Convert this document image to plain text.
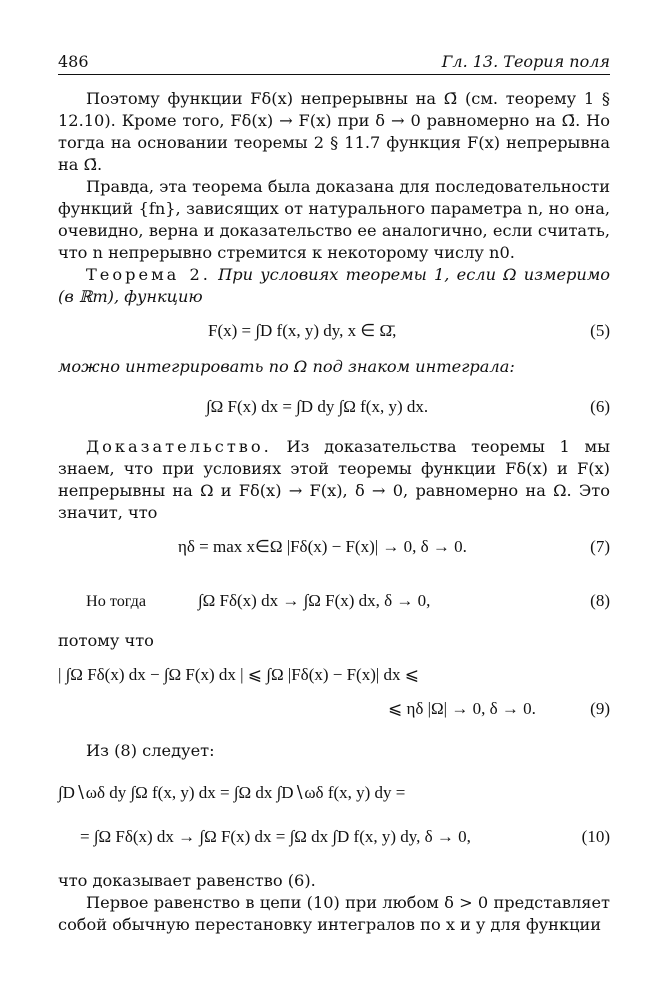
486	Гл. 13. Теория поля

Поэтому функции Fδ(x) непрерывны на Ω̄ (см. теорему 1 § 12.10). Кроме того, Fδ(x) → F(x) при δ → 0 равномерно на Ω̄. Но тогда на основании теоремы 2 § 11.7 функция F(x) непрерывна на Ω̄.

Правда, эта теорема была доказана для последовательности функций {fn}, зависящих от натурального параметра n, но она, очевидно, верна и доказательство ее аналогично, если считать, что n непрерывно стремится к некоторому числу n0.

Теорема 2. При условиях теоремы 1, если Ω измеримо (в ℝm), функцию

F(x) = ∫D f(x, y) dy, x ∈ Ω̄,	(5)

можно интегрировать по Ω под знаком интеграла:

∫Ω F(x) dx = ∫D dy ∫Ω f(x, y) dx.	(6)

Доказательство. Из доказательства теоремы 1 мы знаем, что при условиях этой теоремы функции Fδ(x) и F(x) непрерывны на Ω и Fδ(x) → F(x), δ → 0, равномерно на Ω. Это значит, что

ηδ = max x∈Ω |Fδ(x) − F(x)| → 0, δ → 0.	(7)
Но тогда	∫Ω Fδ(x) dx → ∫Ω F(x) dx, δ → 0,	(8)

потому что

| ∫Ω Fδ(x) dx − ∫Ω F(x) dx | ⩽ ∫Ω |Fδ(x) − F(x)| dx ⩽
⩽ ηδ |Ω| → 0, δ → 0.	(9)

Из (8) следует:

∫D∖ωδ dy ∫Ω f(x, y) dx = ∫Ω dx ∫D∖ωδ f(x, y) dy =
= ∫Ω Fδ(x) dx → ∫Ω F(x) dx = ∫Ω dx ∫D f(x, y) dy, δ → 0,	(10)

что доказывает равенство (6).

Первое равенство в цепи (10) при любом δ > 0 представляет собой обычную перестановку интегралов по x и y для функции
